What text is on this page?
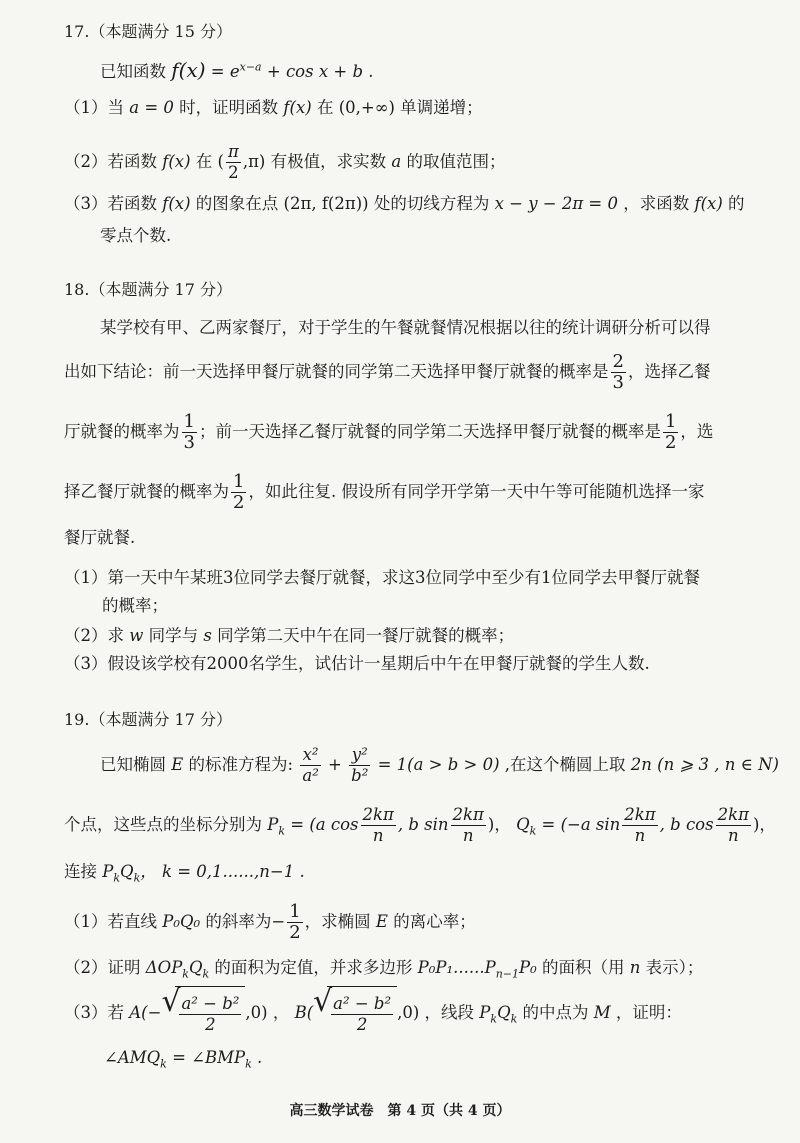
17.（本题满分 15 分）
已知函数 $f(x) = e^{x-a} + \cos x + b$ .
（1）当 a = 0 时，证明函数 f(x) 在 (0,+∞) 单调递增；
（2）若函数 f(x) 在 ( $\frac{\pi}{2} ,\pi$) 有极值，求实数 a 的取值范围；
（3）若函数 f(x) 的图象在点 (2π, f(2π)) 处的切线方程为 x − y − 2π = 0 ，求函数 f(x) 的
零点个数.
18.（本题满分 17 分）
某学校有甲、乙两家餐厅，对于学生的午餐就餐情况根据以往的统计调研分析可以得
出如下结论：前一天选择甲餐厅就餐的同学第二天选择甲餐厅就餐的概率是 $\frac{2}{3}$ ，选择乙餐
厅就餐的概率为 $\frac{1}{3}$ ；前一天选择乙餐厅就餐的同学第二天选择甲餐厅就餐的概率是 $\frac{1}{2}$ ，选
择乙餐厅就餐的概率为 $\frac{1}{2}$ ，如此往复. 假设所有同学开学第一天中午等可能随机选择一家
餐厅就餐.
（1）第一天中午某班3位同学去餐厅就餐，求这3位同学中至少有1位同学去甲餐厅就餐
的概率；
（2）求 w 同学与 s 同学第二天中午在同一餐厅就餐的概率；
（3）假设该学校有2000名学生，试估计一星期后中午在甲餐厅就餐的学生人数.
19.（本题满分 17 分）
已知椭圆 E 的标准方程为: $\frac{\text{x²}}{\text{a²}} + \frac{\text{y²}}{\text{b²}} = 1(a > b > 0)$ ,在这个椭圆上取 2n (n ⩾ 3 , n ∈ N)
个点，这些点的坐标分别为 $P_k = (a$ $\cos \frac{2k\pi}{n}$ , b $\sin \frac{2k\pi}{n}$ )， $Q_k = (-a$ $\sin \frac{2k\pi}{n}$ , b $\cos \frac{2k\pi}{n}$ )，
连接 $P_kQ_k$， k = 0,1......,n−1 .
（1）若直线 P₀Q₀ 的斜率为− $\frac{1}{2}$ ，求椭圆 E 的离心率；
（2）证明 $\Delta OP_kQ_k$ 的面积为定值，并求多边形 $P_0P_1......P_{n-1}P_0$ 的面积（用 n 表示）；
（3）若 A(− √ $\frac{\text{a² − b²}}{2} ,0$) ， B( √ $\frac{\text{a² − b²}}{2} ,0$) ，线段 $P_kQ_k$ 的中点为 M ，证明：
$\angle AMQ_k$ = $\angle BMP_k$ .
高三数学试卷　第 4 页（共 4 页）
